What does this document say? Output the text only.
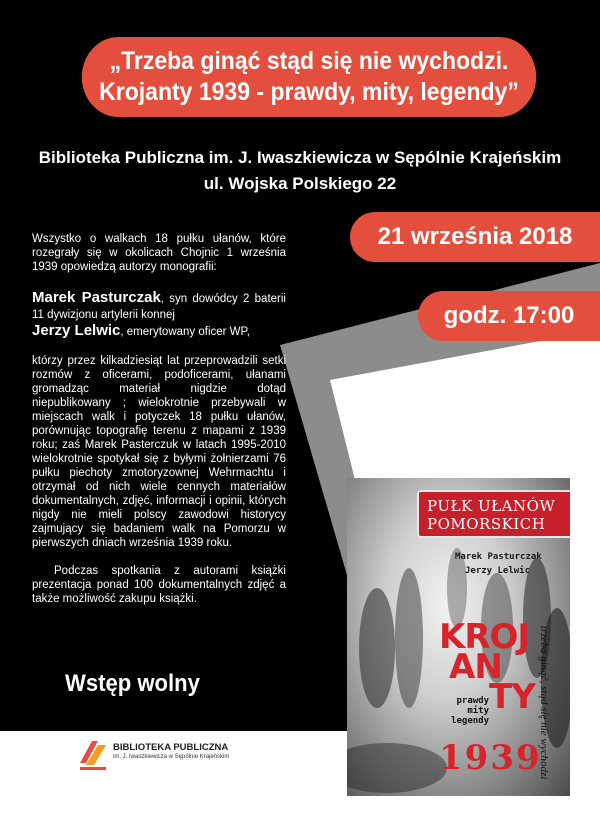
„Trzeba ginąć stąd się nie wychodzi.
Krojanty 1939 - prawdy, mity, legendy”
Biblioteka Publiczna im. J. Iwaszkiewicza w Sępólnie Krajeńskim
ul. Wojska Polskiego 22
21 września 2018
godz. 17:00

Wszystko o walkach 18 pułku ułanów, które rozegrały się w okolicach Chojnic 1 września 1939 opowiedzą autorzy monografii:

Marek Pasturczak, syn dowódcy 2 baterii 11 dywizjonu artylerii konnej
Jerzy Lelwic, emerytowany oficer WP,

którzy przez kilkadziesiąt lat przeprowadzili setki rozmów z oficerami, podoficerami, ułanami gromadząc materiał nigdzie dotąd niepublikowany ; wielokrotnie przebywali w miejscach walk i potyczek 18 pułku ułanów, porównując topografię terenu z mapami z 1939 roku; zaś Marek Pasterczuk w latach 1995-2010 wielokrotnie spotykał się z byłymi żołnierzami 76 pułku piechoty zmotoryzownej Wehrmachtu i otrzymał od nich wiele cennych materiałów dokumentalnych, zdjęć, informacji i opinii, których nigdy nie mieli polscy zawodowi historycy zajmujący się badaniem walk na Pomorzu w pierwszych dniach września 1939 roku.

Podczas spotkania z autorami książki prezentacja ponad 100 dokumentalnych zdjęć a także możliwość zakupu książki.

Wstęp wolny
BIBLIOTEKA PUBLICZNA
im. J. Iwaszkiewicza w Sępólnie Krajeńskim
PUŁK UŁANÓW
POMORSKICH
Marek Pasturczak
Jerzy Lelwic
KROJ
AN
TY
prawdy
mity
legendy
1939
trzeba ginąć, stąd się nie wychodzi
